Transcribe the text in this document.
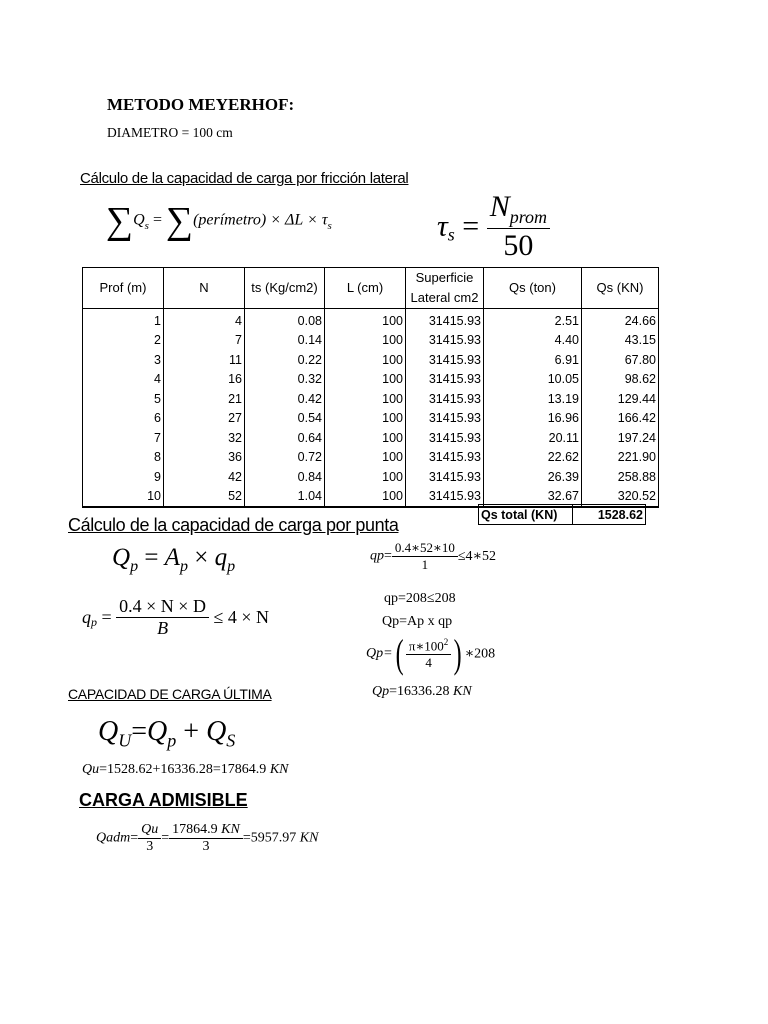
METODO MEYERHOF:
DIAMETRO = 100 cm
Cálculo de la capacidad de carga por fricción lateral
$\sum Q_s$ = ∑(perímetro) × $\Delta L \times \tau_s$	$\tau_s = \frac{N_{prom}}{50}$
Prof (m)	N	ts (Kg/cm2)	L (cm)	Superficie
Lateral cm2	Qs (ton)	Qs (KN)
1	4	0.08	100	31415.93	2.51	24.66
2	7	0.14	100	31415.93	4.40	43.15
3	11	0.22	100	31415.93	6.91	67.80
4	16	0.32	100	31415.93	10.05	98.62
5	21	0.42	100	31415.93	13.19	129.44
6	27	0.54	100	31415.93	16.96	166.42
7	32	0.64	100	31415.93	20.11	197.24
8	36	0.72	100	31415.93	22.62	221.90
9	42	0.84	100	31415.93	26.39	258.88
10	52	1.04	100	31415.93	32.67	320.52
Qs total (KN)	1528.62
Cálculo de la capacidad de carga por punta
$Q_p = A_p \times q_p$
$q_p = \frac{0.4 \times N \times D}{B} \le 4 \times N$
$qp= \frac{0.4∗52∗10}{1}$ ≤4∗52
qp=208≤208
Qp=Ap x qp
$Qp=( \frac{\pi∗100^2}{4}$ ) ∗208
Qp=16336.28 KN
CAPACIDAD DE CARGA ÚLTIMA
$Q_U=Q_p + Q_S$
Qu=1528.62+16336.28=17864.9 KN
CARGA ADMISIBLE
Qadm= $\frac{Qu}{3} = \frac{17864.9 KN}{3} =5957.97$ KN
